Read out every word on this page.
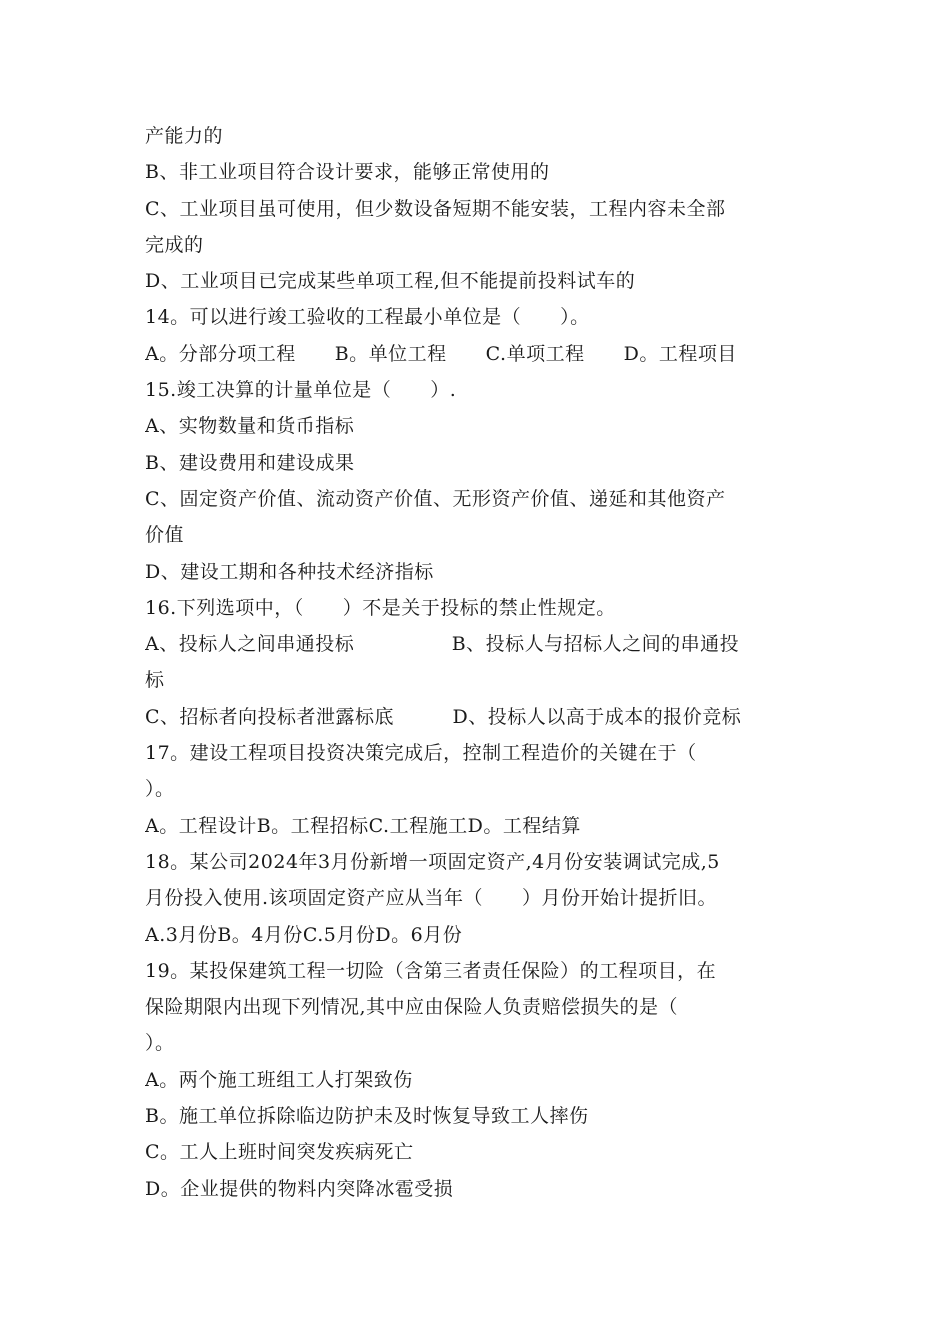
产能力的
B、非工业项目符合设计要求，能够正常使用的
C、工业项目虽可使用，但少数设备短期不能安装，工程内容未全部
完成的
D、工业项目已完成某些单项工程,但不能提前投料试车的
14。可以进行竣工验收的工程最小单位是（　　）。
A。分部分项工程　　B。单位工程　　C.单项工程　　D。工程项目
15.竣工决算的计量单位是（　　）.
A、实物数量和货币指标
B、建设费用和建设成果
C、固定资产价值、流动资产价值、无形资产价值、递延和其他资产
价值
D、建设工期和各种技术经济指标
16.下列选项中，（　　）不是关于投标的禁止性规定。
A、投标人之间串通投标　　　　　B、投标人与招标人之间的串通投
标
C、招标者向投标者泄露标底　　　D、投标人以高于成本的报价竞标
17。建设工程项目投资决策完成后，控制工程造价的关键在于（
）。
A。工程设计B。工程招标C.工程施工D。工程结算
18。某公司2024年3月份新增一项固定资产,4月份安装调试完成,5
月份投入使用.该项固定资产应从当年（　　）月份开始计提折旧。
A.3月份B。4月份C.5月份D。6月份
19。某投保建筑工程一切险（含第三者责任保险）的工程项目，在
保险期限内出现下列情况,其中应由保险人负责赔偿损失的是（
）。
A。两个施工班组工人打架致伤
B。施工单位拆除临边防护未及时恢复导致工人摔伤
C。工人上班时间突发疾病死亡
D。企业提供的物料内突降冰雹受损
